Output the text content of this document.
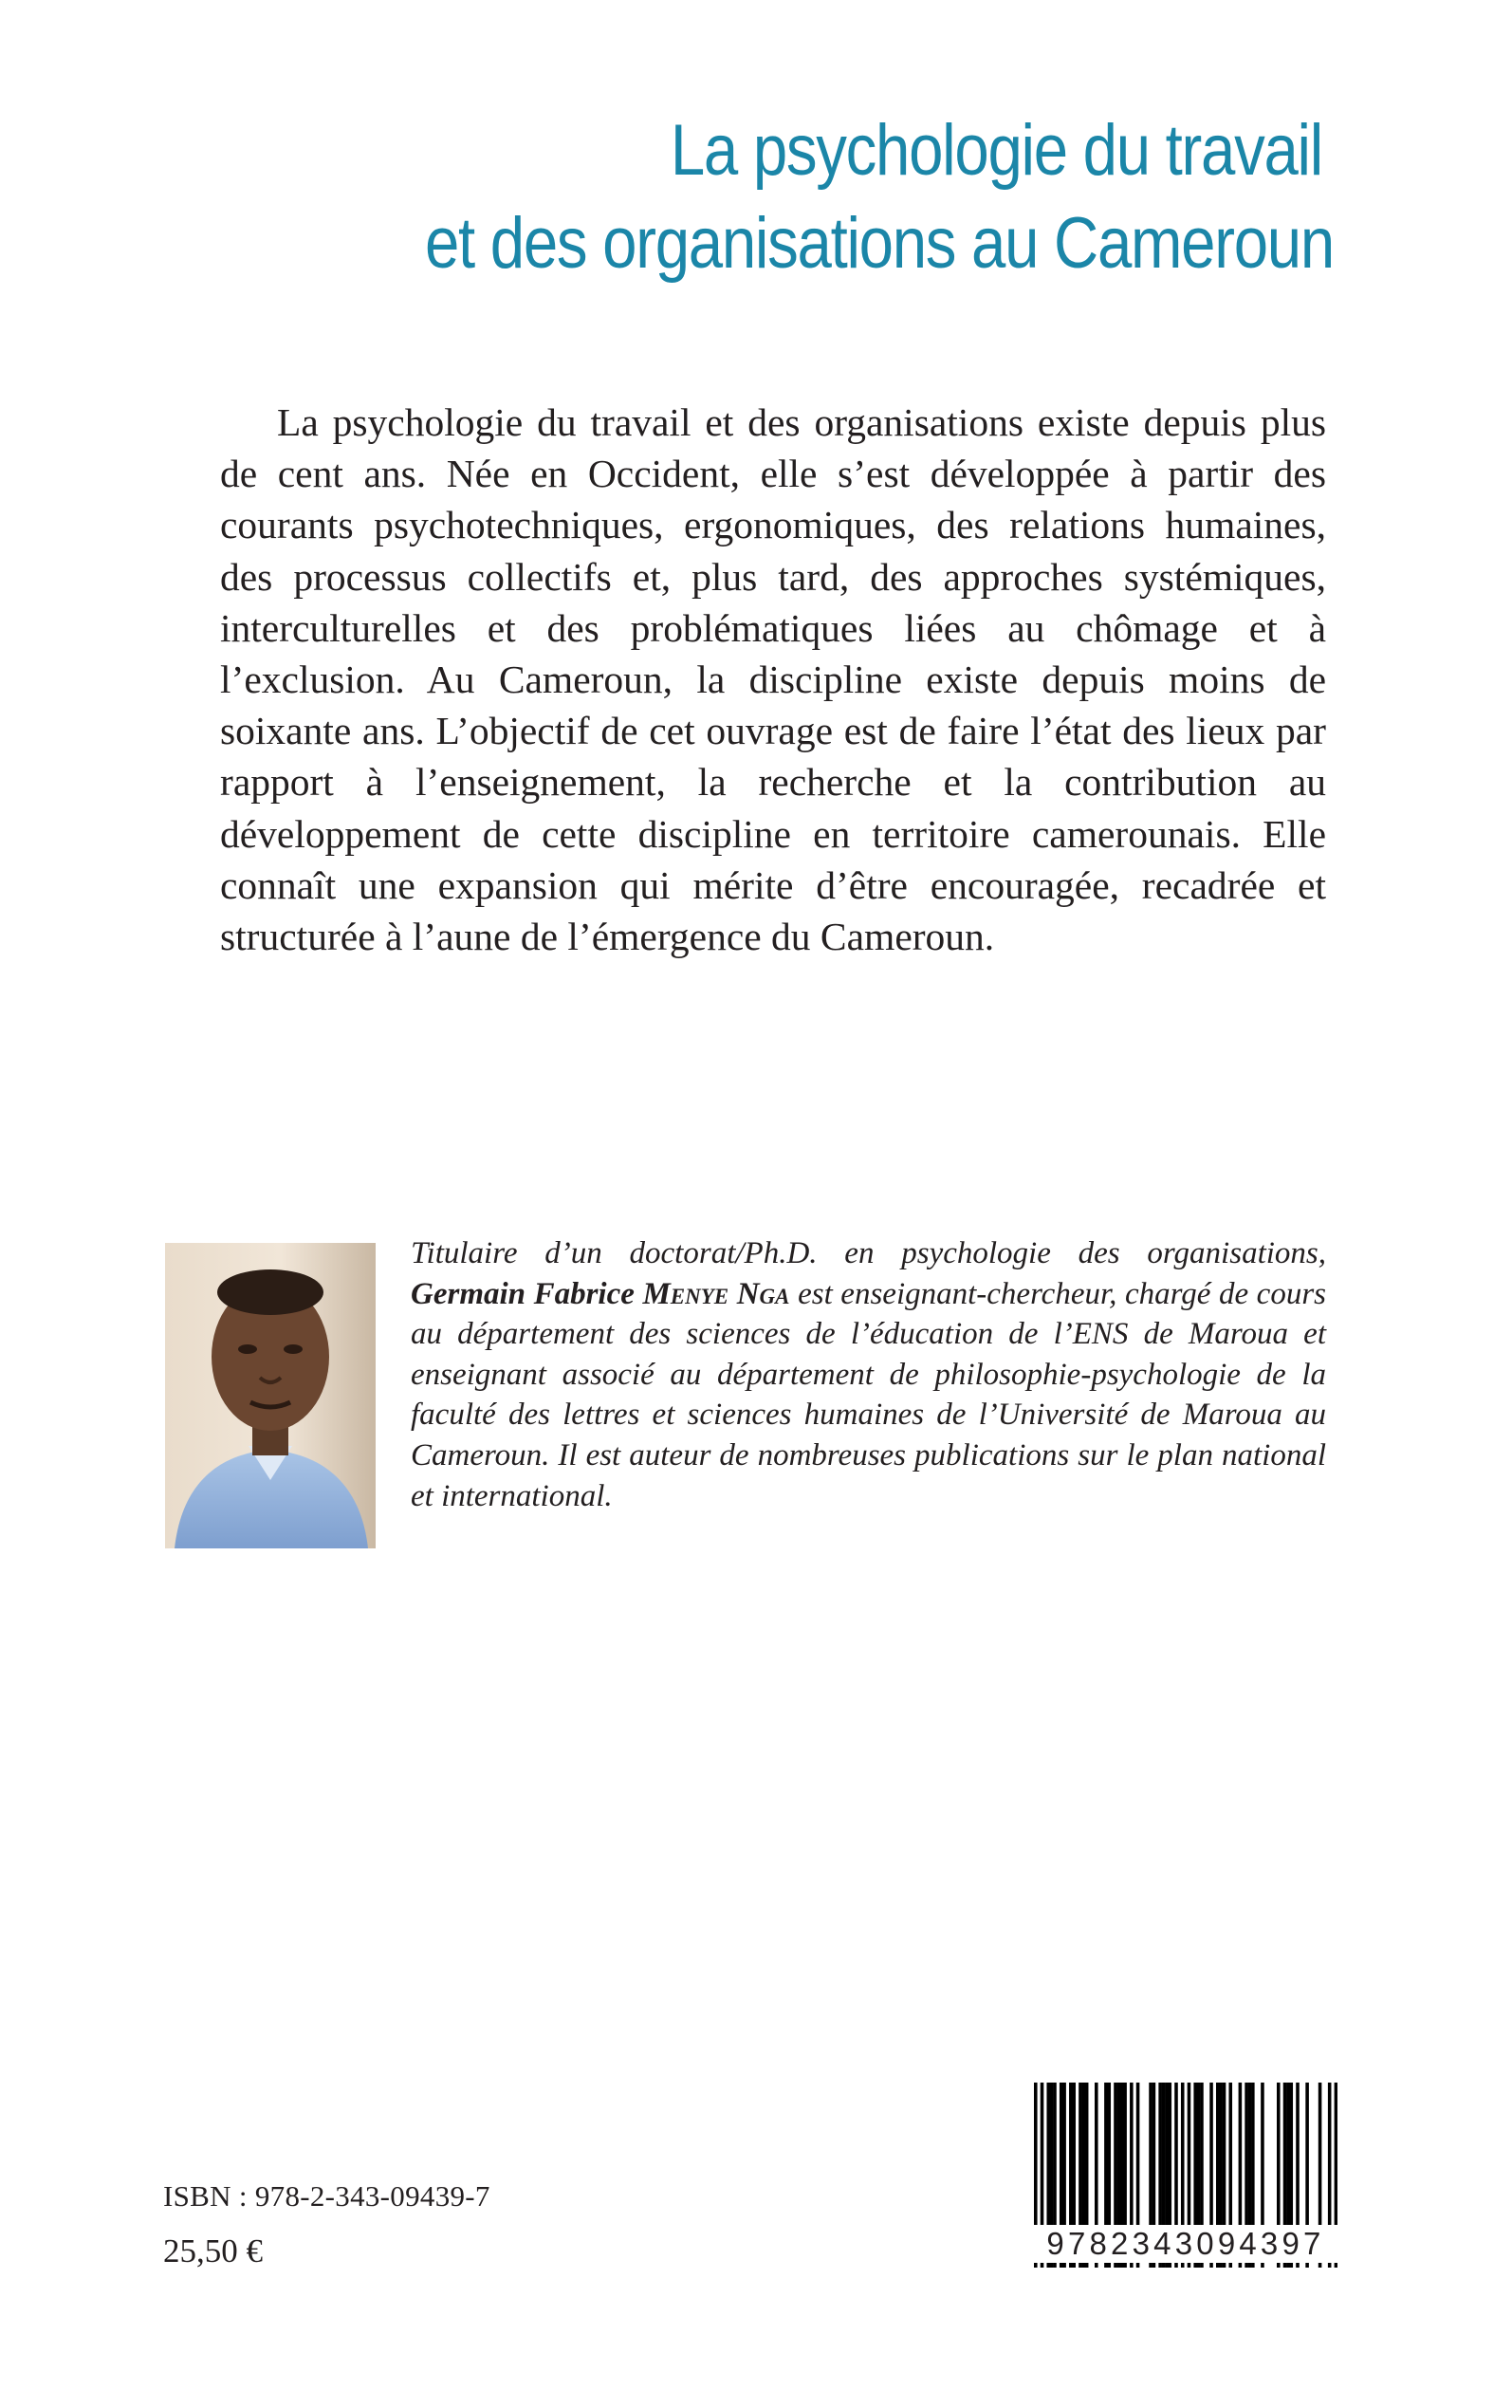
La psychologie du travail
et des organisations au Cameroun
La psychologie du travail et des organisations existe depuis plus de cent ans. Née en Occident, elle s’est développée à partir des courants psychotechniques, ergonomiques, des relations humaines, des processus collectifs et, plus tard, des approches systémiques, interculturelles et des problématiques liées au chômage et à l’exclusion. Au Cameroun, la discipline existe depuis moins de soixante ans. L’objectif de cet ouvrage est de faire l’état des lieux par rapport à l’enseignement, la recherche et la contribution au développement de cette discipline en territoire camerounais. Elle connaît une expansion qui mérite d’être encouragée, recadrée et structurée à l’aune de l’émergence du Cameroun.
Titulaire d’un doctorat/Ph.D. en psychologie des organisations, Germain Fabrice Menye Nga est enseignant-chercheur, chargé de cours au département des sciences de l’éducation de l’ENS de Maroua et enseignant associé au département de philosophie-psychologie de la faculté des lettres et sciences humaines de l’Université de Maroua au Cameroun. Il est auteur de nombreuses publications sur le plan national et international.
ISBN : 978-2-343-09439-7
25,50 €	9782343094397
